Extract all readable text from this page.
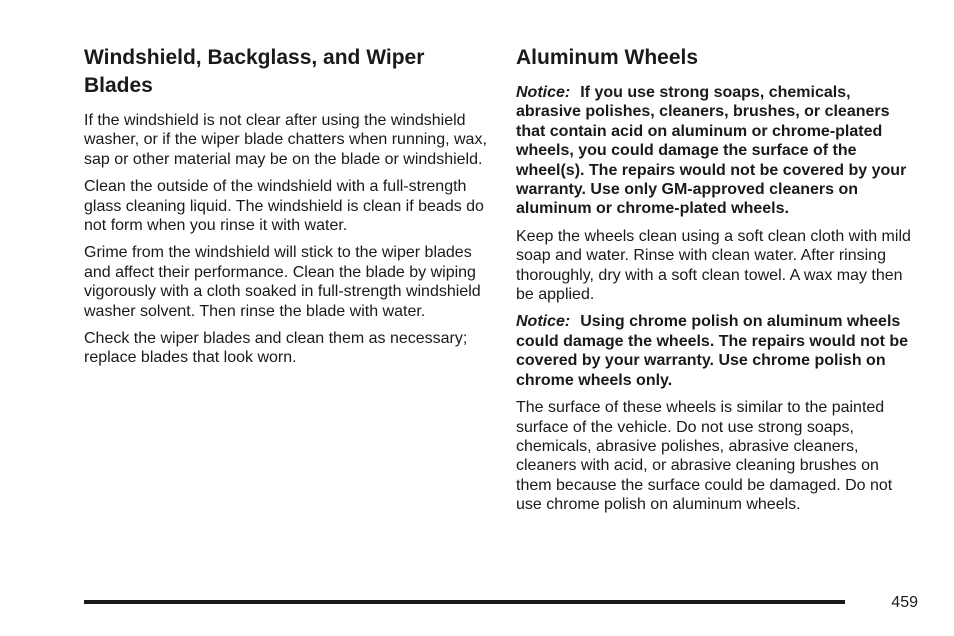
Windshield, Backglass, and Wiper Blades

If the windshield is not clear after using the windshield washer, or if the wiper blade chatters when running, wax, sap or other material may be on the blade or windshield.

Clean the outside of the windshield with a full-strength glass cleaning liquid. The windshield is clean if beads do not form when you rinse it with water.

Grime from the windshield will stick to the wiper blades and affect their performance. Clean the blade by wiping vigorously with a cloth soaked in full-strength windshield washer solvent. Then rinse the blade with water.

Check the wiper blades and clean them as necessary; replace blades that look worn.

Aluminum Wheels

Notice: If you use strong soaps, chemicals, abrasive polishes, cleaners, brushes, or cleaners that contain acid on aluminum or chrome-plated wheels, you could damage the surface of the wheel(s). The repairs would not be covered by your warranty. Use only GM-approved cleaners on aluminum or chrome-plated wheels.

Keep the wheels clean using a soft clean cloth with mild soap and water. Rinse with clean water. After rinsing thoroughly, dry with a soft clean towel. A wax may then be applied.

Notice: Using chrome polish on aluminum wheels could damage the wheels. The repairs would not be covered by your warranty. Use chrome polish on chrome wheels only.

The surface of these wheels is similar to the painted surface of the vehicle. Do not use strong soaps, chemicals, abrasive polishes, abrasive cleaners, cleaners with acid, or abrasive cleaning brushes on them because the surface could be damaged. Do not use chrome polish on aluminum wheels.

459
